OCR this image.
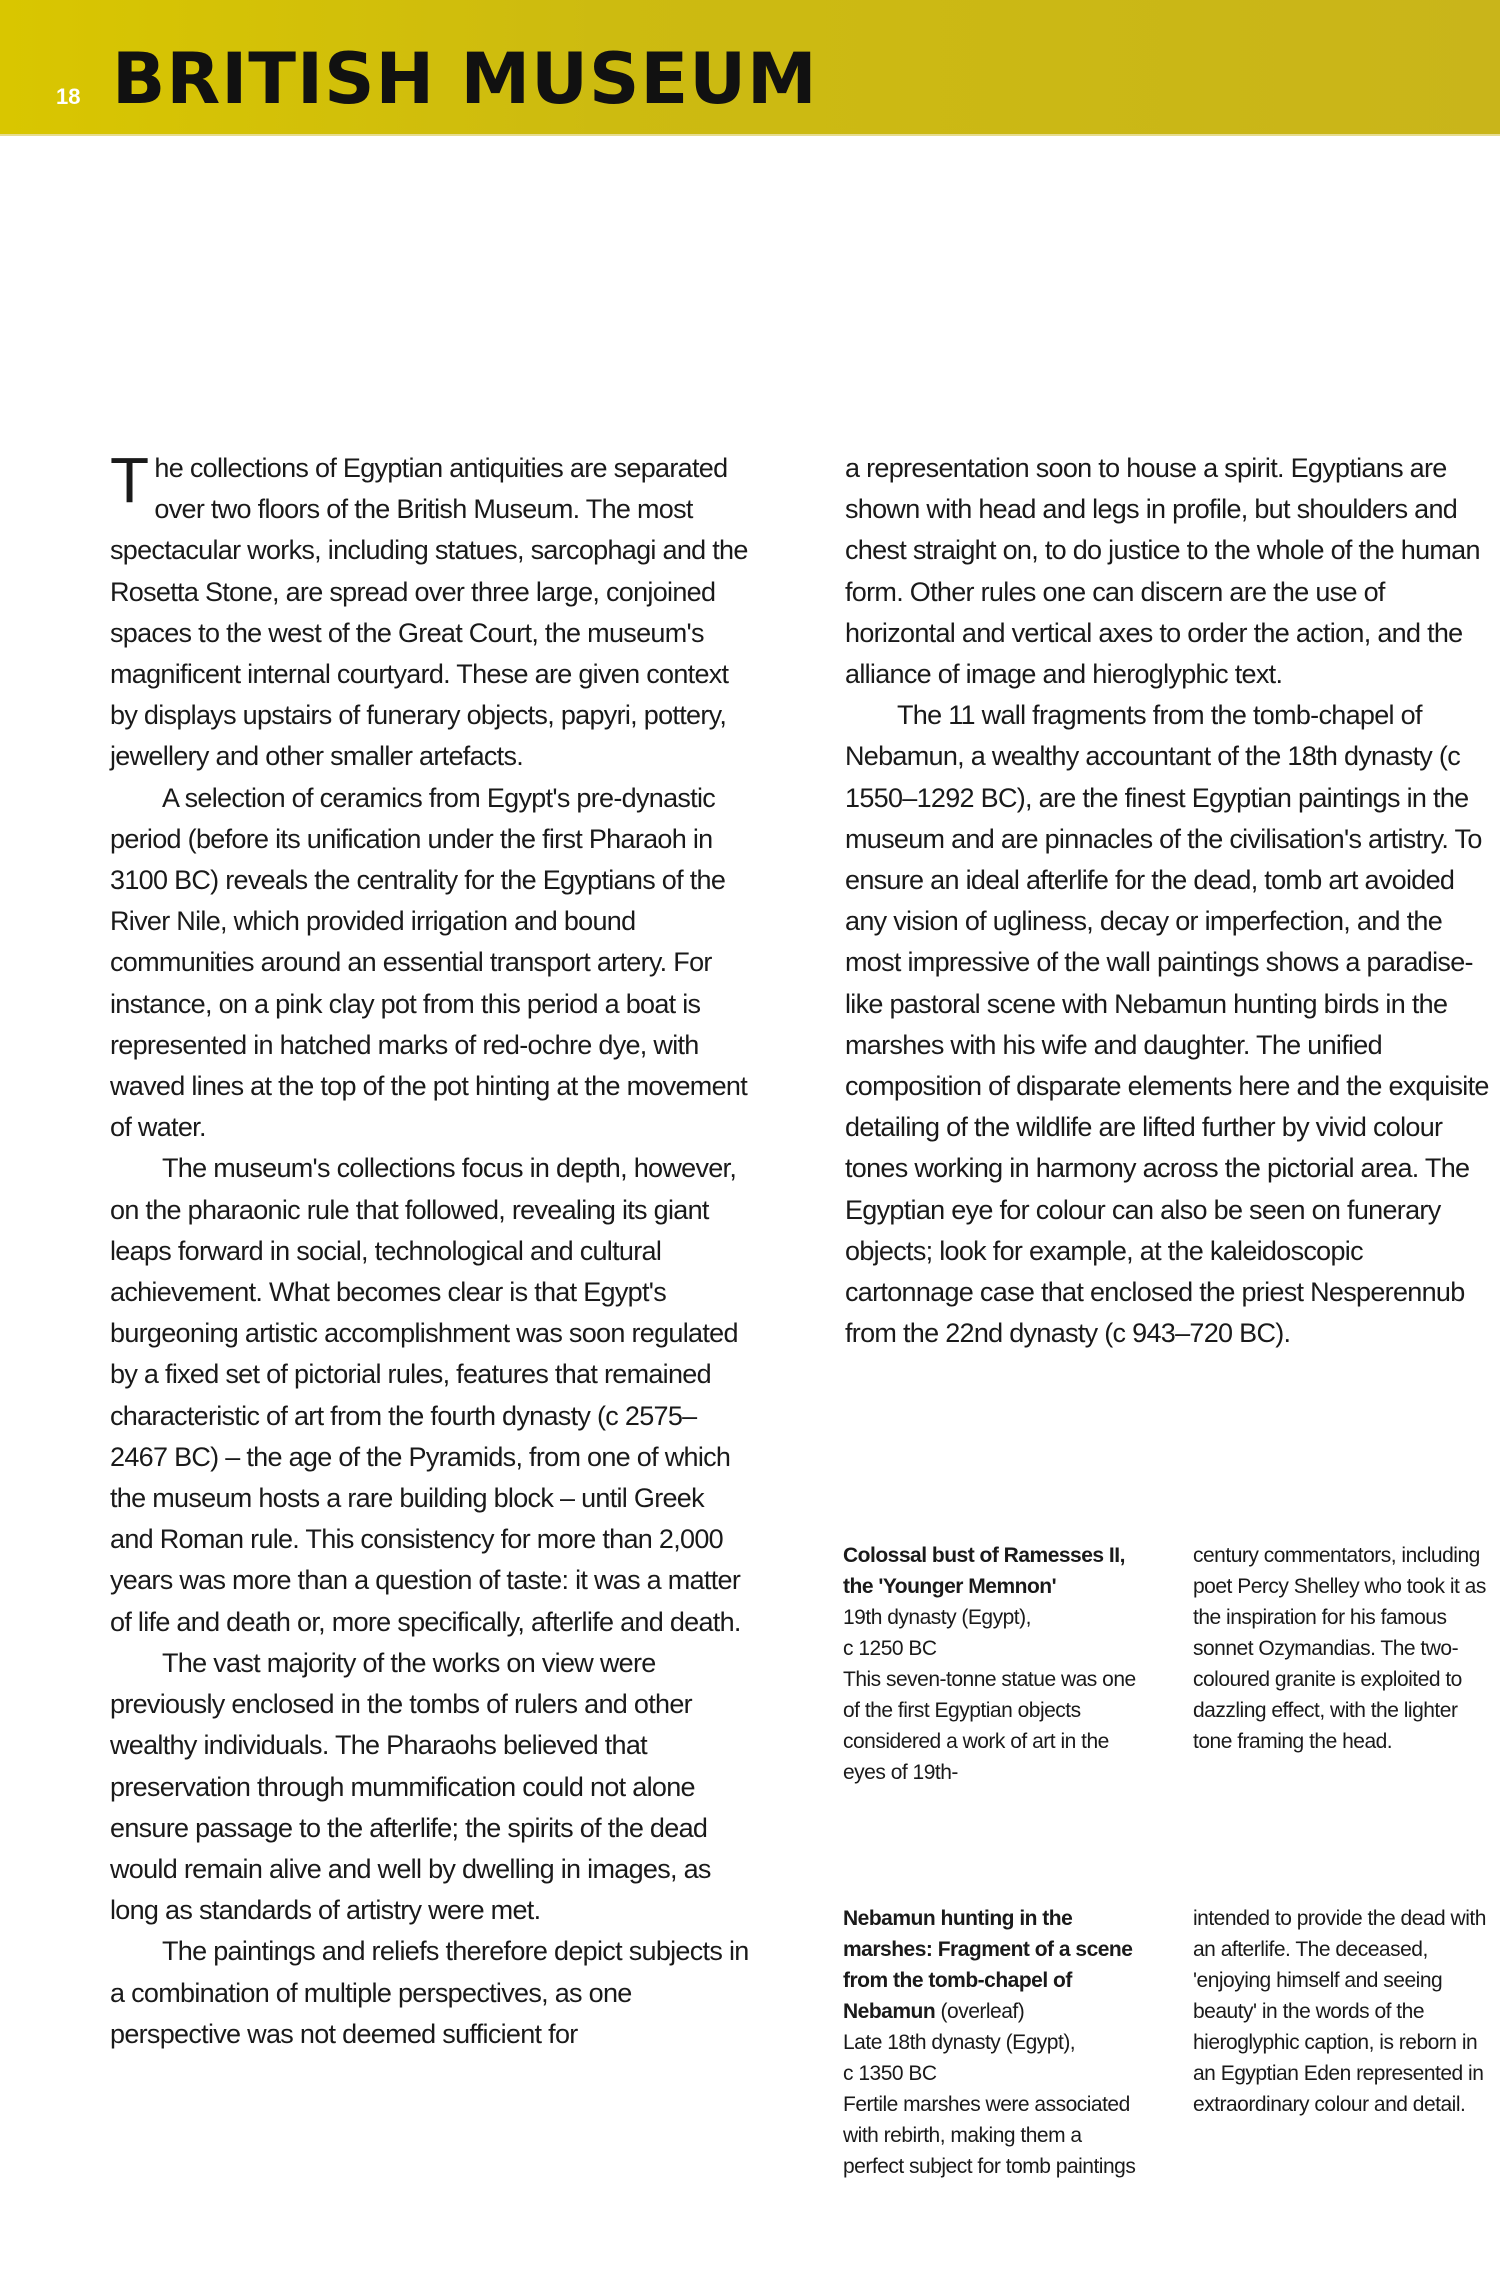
18 BRITISH MUSEUM

The collections of Egyptian antiquities are separated over two floors of the British Museum. The most spectacular works, including statues, sarcophagi and the Rosetta Stone, are spread over three large, conjoined spaces to the west of the Great Court, the museum's magnificent internal courtyard. These are given context by displays upstairs of funerary objects, papyri, pottery, jewellery and other smaller artefacts.

A selection of ceramics from Egypt's pre-dynastic period (before its unification under the first Pharaoh in 3100 BC) reveals the centrality for the Egyptians of the River Nile, which provided irrigation and bound communities around an essential transport artery. For instance, on a pink clay pot from this period a boat is represented in hatched marks of red-ochre dye, with waved lines at the top of the pot hinting at the movement of water.

The museum's collections focus in depth, however, on the pharaonic rule that followed, revealing its giant leaps forward in social, technological and cultural achievement. What becomes clear is that Egypt's burgeoning artistic accomplishment was soon regulated by a fixed set of pictorial rules, features that remained characteristic of art from the fourth dynasty (c 2575–2467 BC) – the age of the Pyramids, from one of which the museum hosts a rare building block – until Greek and Roman rule. This consistency for more than 2,000 years was more than a question of taste: it was a matter of life and death or, more specifically, afterlife and death.

The vast majority of the works on view were previously enclosed in the tombs of rulers and other wealthy individuals. The Pharaohs believed that preservation through mummification could not alone ensure passage to the afterlife; the spirits of the dead would remain alive and well by dwelling in images, as long as standards of artistry were met.

The paintings and reliefs therefore depict subjects in a combination of multiple perspectives, as one perspective was not deemed sufficient for

a representation soon to house a spirit. Egyptians are shown with head and legs in profile, but shoulders and chest straight on, to do justice to the whole of the human form. Other rules one can discern are the use of horizontal and vertical axes to order the action, and the alliance of image and hieroglyphic text.

The 11 wall fragments from the tomb-chapel of Nebamun, a wealthy accountant of the 18th dynasty (c 1550–1292 BC), are the finest Egyptian paintings in the museum and are pinnacles of the civilisation's artistry. To ensure an ideal afterlife for the dead, tomb art avoided any vision of ugliness, decay or imperfection, and the most impressive of the wall paintings shows a paradise-like pastoral scene with Nebamun hunting birds in the marshes with his wife and daughter. The unified composition of disparate elements here and the exquisite detailing of the wildlife are lifted further by vivid colour tones working in harmony across the pictorial area. The Egyptian eye for colour can also be seen on funerary objects; look for example, at the kaleidoscopic cartonnage case that enclosed the priest Nesperennub from the 22nd dynasty (c 943–720 BC).

Colossal bust of Ramesses II, the 'Younger Memnon'
19th dynasty (Egypt),
c 1250 BC
This seven-tonne statue was one of the first Egyptian objects considered a work of art in the eyes of 19th-
century commentators, including poet Percy Shelley who took it as the inspiration for his famous sonnet Ozymandias. The two-coloured granite is exploited to dazzling effect, with the lighter tone framing the head.
Nebamun hunting in the marshes: Fragment of a scene from the tomb-chapel of Nebamun (overleaf)
Late 18th dynasty (Egypt),
c 1350 BC
Fertile marshes were associated with rebirth, making them a perfect subject for tomb paintings
intended to provide the dead with an afterlife. The deceased, 'enjoying himself and seeing beauty' in the words of the hieroglyphic caption, is reborn in an Egyptian Eden represented in extraordinary colour and detail.
